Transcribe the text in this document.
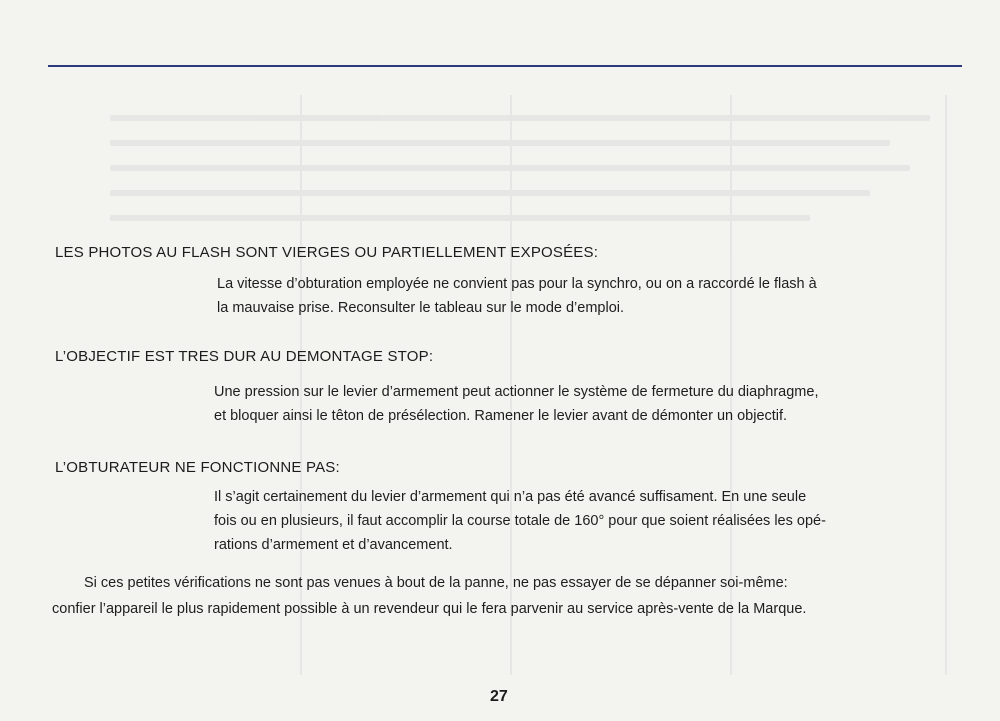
LES PHOTOS AU FLASH SONT VIERGES OU PARTIELLEMENT EXPOSÉES:

La vitesse d’obturation employée ne convient pas pour la synchro, ou on a raccordé le flash à
la mauvaise prise. Reconsulter le tableau sur le mode d’emploi.

L’OBJECTIF EST TRES DUR AU DEMONTAGE STOP:

Une pression sur le levier d’armement peut actionner le système de fermeture du diaphragme,
et bloquer ainsi le têton de présélection. Ramener le levier avant de démonter un objectif.

L’OBTURATEUR NE FONCTIONNE PAS:

Il s’agit certainement du levier d’armement qui n’a pas été avancé suffisament. En une seule
fois ou en plusieurs, il faut accomplir la course totale de 160° pour que soient réalisées les opé-
rations d’armement et d’avancement.

Si ces petites vérifications ne sont pas venues à bout de la panne, ne pas essayer de se dépanner soi-même:
confier l’appareil le plus rapidement possible à un revendeur qui le fera parvenir au service après-vente de la Marque.

27
